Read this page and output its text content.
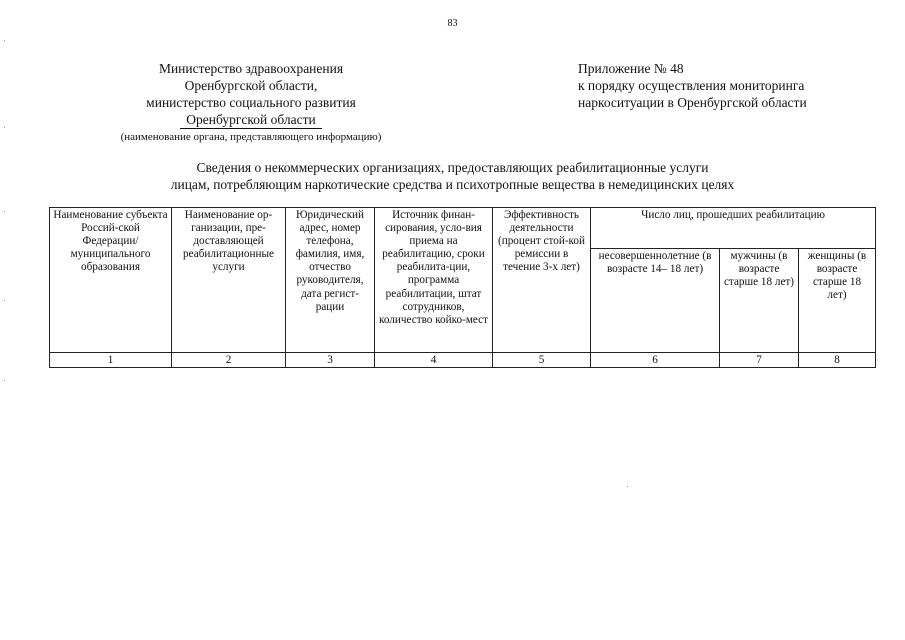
83
Министерство здравоохранения
Оренбургской области,
министерство социального развития
Оренбургской области
(наименование органа, представляющего информацию)
Приложение № 48
к порядку осуществления мониторинга
наркоситуации в Оренбургской области
Сведения о некоммерческих организациях, предоставляющих реабилитационные услуги
лицам, потребляющим наркотические средства и психотропные вещества в немедицинских целях
Наименование субъекта Россий-ской Федерации/ муниципального образования	Наименование ор-ганизации, пре-доставляющей реабилитационные услуги	Юридический адрес, номер телефона, фамилия, имя, отчество руководителя, дата регист-рации	Источник финан-сирования, усло-вия приема на реабилитацию, сроки реабилита-ции, программа реабилитации, штат сотрудников, количество койко-мест	Эффективность деятельности (процент стой-кой ремиссии в течение 3-х лет)	Число лиц, прошедших реабилитацию		
					несовершеннолетние (в возрасте 14– 18 лет)	мужчины (в возрасте старше 18 лет)	женщины (в возрасте старше 18 лет)
1	2	3	4	5	6	7	8
